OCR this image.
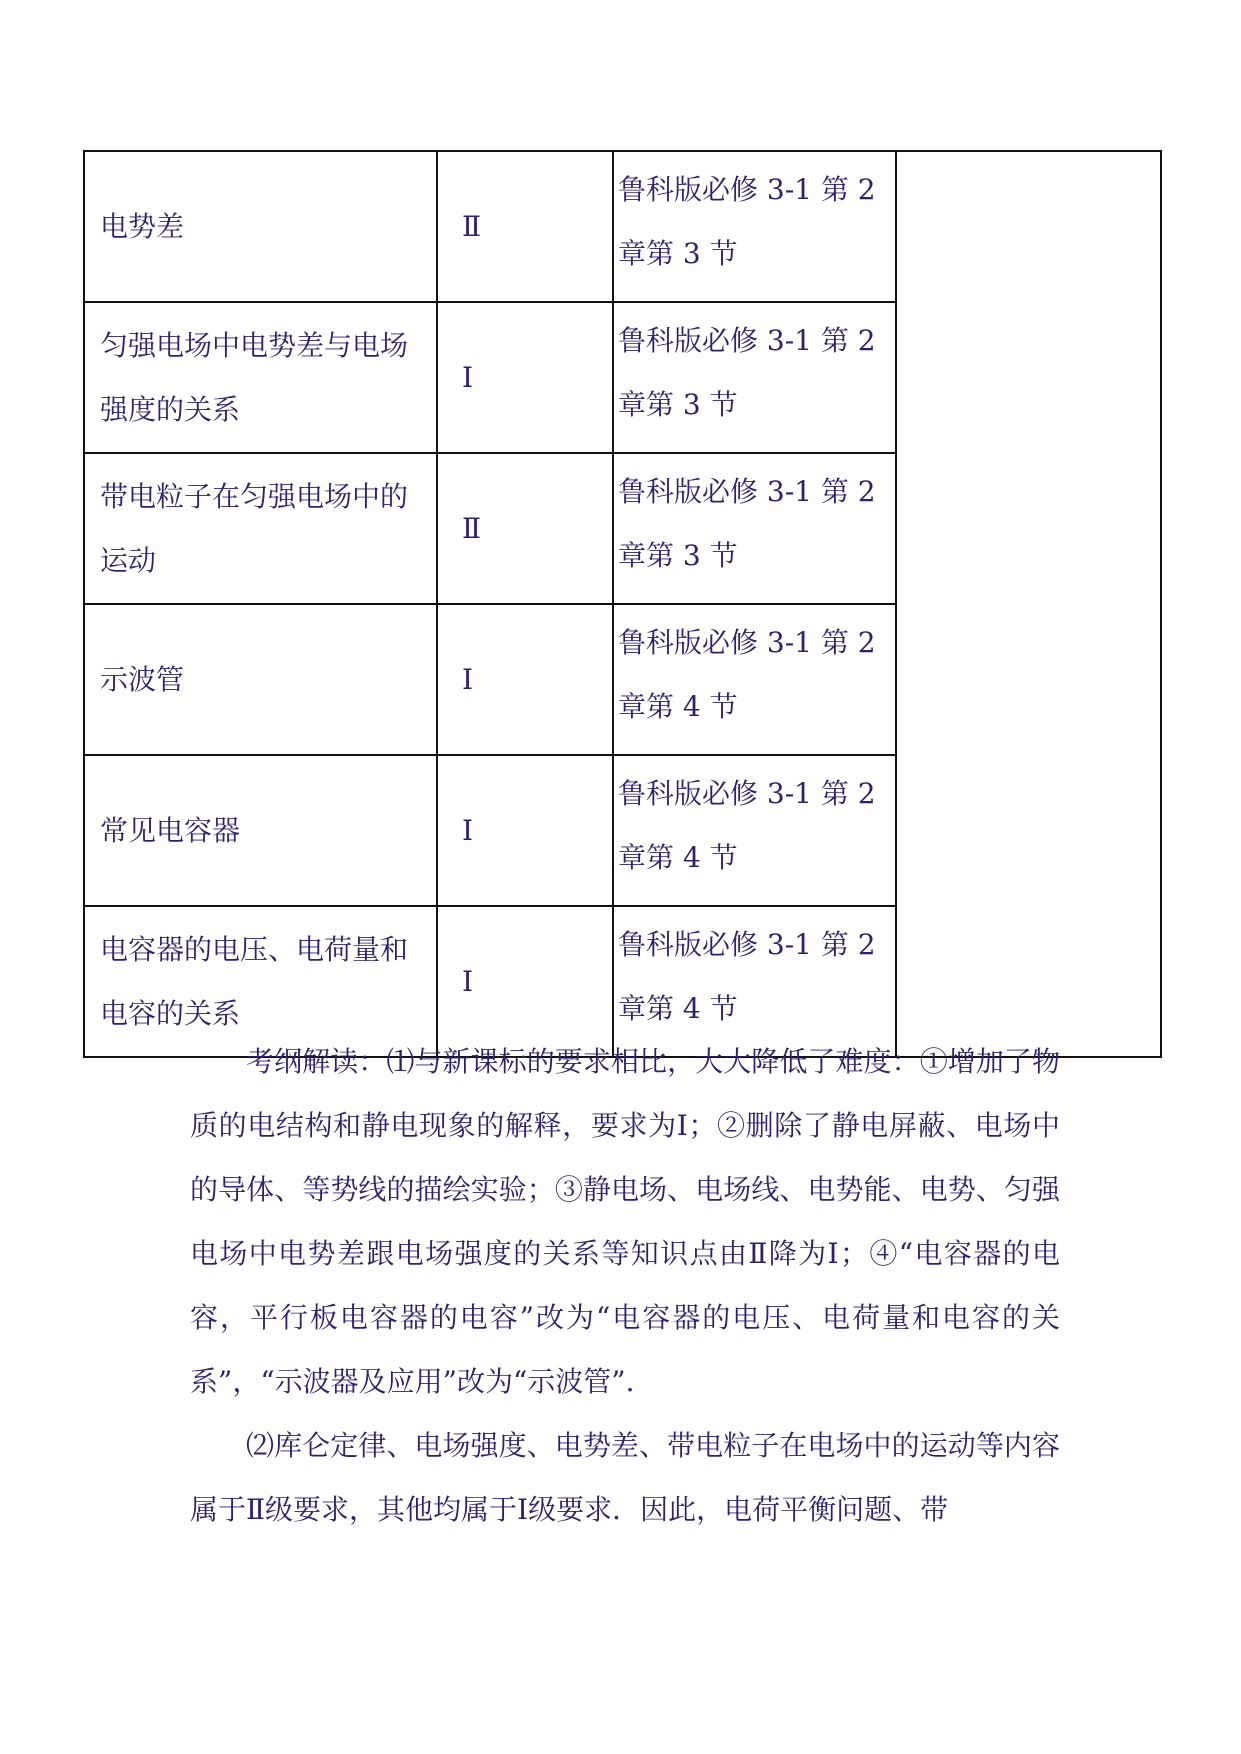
电势差	Ⅱ	鲁科版必修 3-1 第 2 章第 3 节	
匀强电场中电势差与电场强度的关系	Ⅰ	鲁科版必修 3-1 第 2 章第 3 节	
带电粒子在匀强电场中的运动	Ⅱ	鲁科版必修 3-1 第 2 章第 3 节	
示波管	Ⅰ	鲁科版必修 3-1 第 2 章第 4 节	
常见电容器	Ⅰ	鲁科版必修 3-1 第 2 章第 4 节	
电容器的电压、电荷量和电容的关系	Ⅰ	鲁科版必修 3-1 第 2 章第 4 节	

考纲解读：⑴与新课标的要求相比，大大降低了难度：①增加了物质的电结构和静电现象的解释，要求为Ⅰ；②删除了静电屏蔽、电场中的导体、等势线的描绘实验；③静电场、电场线、电势能、电势、匀强电场中电势差跟电场强度的关系等知识点由Ⅱ降为Ⅰ；④“电容器的电容，平行板电容器的电容”改为“电容器的电压、电荷量和电容的关系”，“示波器及应用”改为“示波管”.

⑵库仑定律、电场强度、电势差、带电粒子在电场中的运动等内容属于Ⅱ级要求，其他均属于Ⅰ级要求．因此，电荷平衡问题、带
